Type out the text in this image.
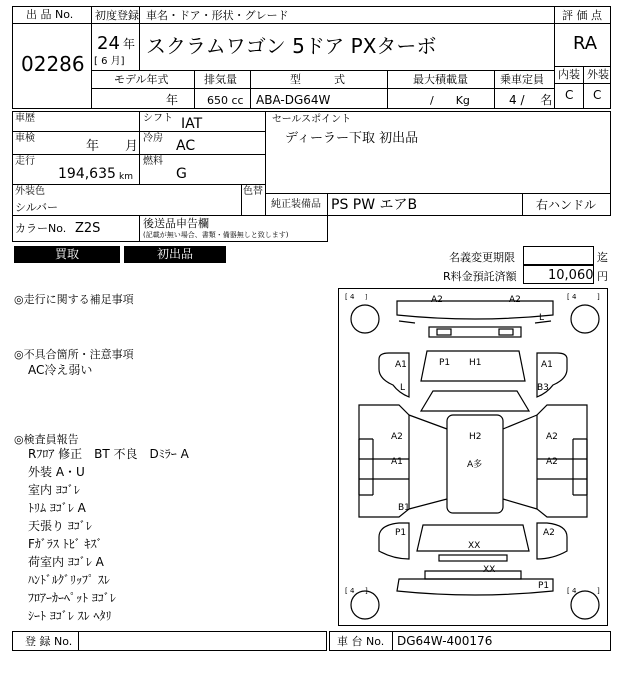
出 品 No.
02286
初度登録 車名・ドア・形状・グレード
24 年
[ 6 月]
スクラムワゴン 5ドア PXターボ
評 価 点
RA
内装 外装
C C
モデル年式	排気量	型　　　式	最大積載量	乗車定員
年	650 cc ABA-DG64W	/　　Kg	4 /　 名
車歴	シフト IAT
車検
年　　月
冷房 AC
走行
194,635 km
燃料
G
セールスポイント
ディーラー下取 初出品
外装色
シルバー
色替
純正装備品 PS PW エアB	右ハンドル
カラーNo. Z2S	後送品申告欄
(記載が無い場合、書類・備器無しと致します)
買取	初出品	名義変更期限	迄
R料金預託済額 10,060 円
◎走行に関する補足事項
◎不具合箇所・注意事項
AC冷え弱い
◎検査員報告
Rﾌﾛｱ 修正　BT 不良　Dﾐﾗｰ A
外装 A・U
室内 ﾖｺﾞﾚ
ﾄﾘﾑ ﾖｺﾞﾚ A
天張り ﾖｺﾞﾚ
Fｶﾞﾗｽ ﾄﾋﾞ ｷｽﾞ
荷室内 ﾖｺﾞﾚ A
ﾊﾝﾄﾞﾙｸﾞﾘｯﾌﾟ ｽﾚ
ﾌﾛｱｰｶｰﾍﾟｯﾄ ﾖｺﾞﾚ
ｼｰﾄ ﾖｺﾞﾚ ｽﾚ ﾍﾀﾘ
[ 4 ]	[ 4	]
[ 4 ]	[ 4	]
A2	A2
L
A1
L
P1 H1	A1
B3
A2	H2	A2
A1	A多	A2
B1
P1	A2
XX
XX
P1
登 録 No.	車 台 No. DG64W-400176
